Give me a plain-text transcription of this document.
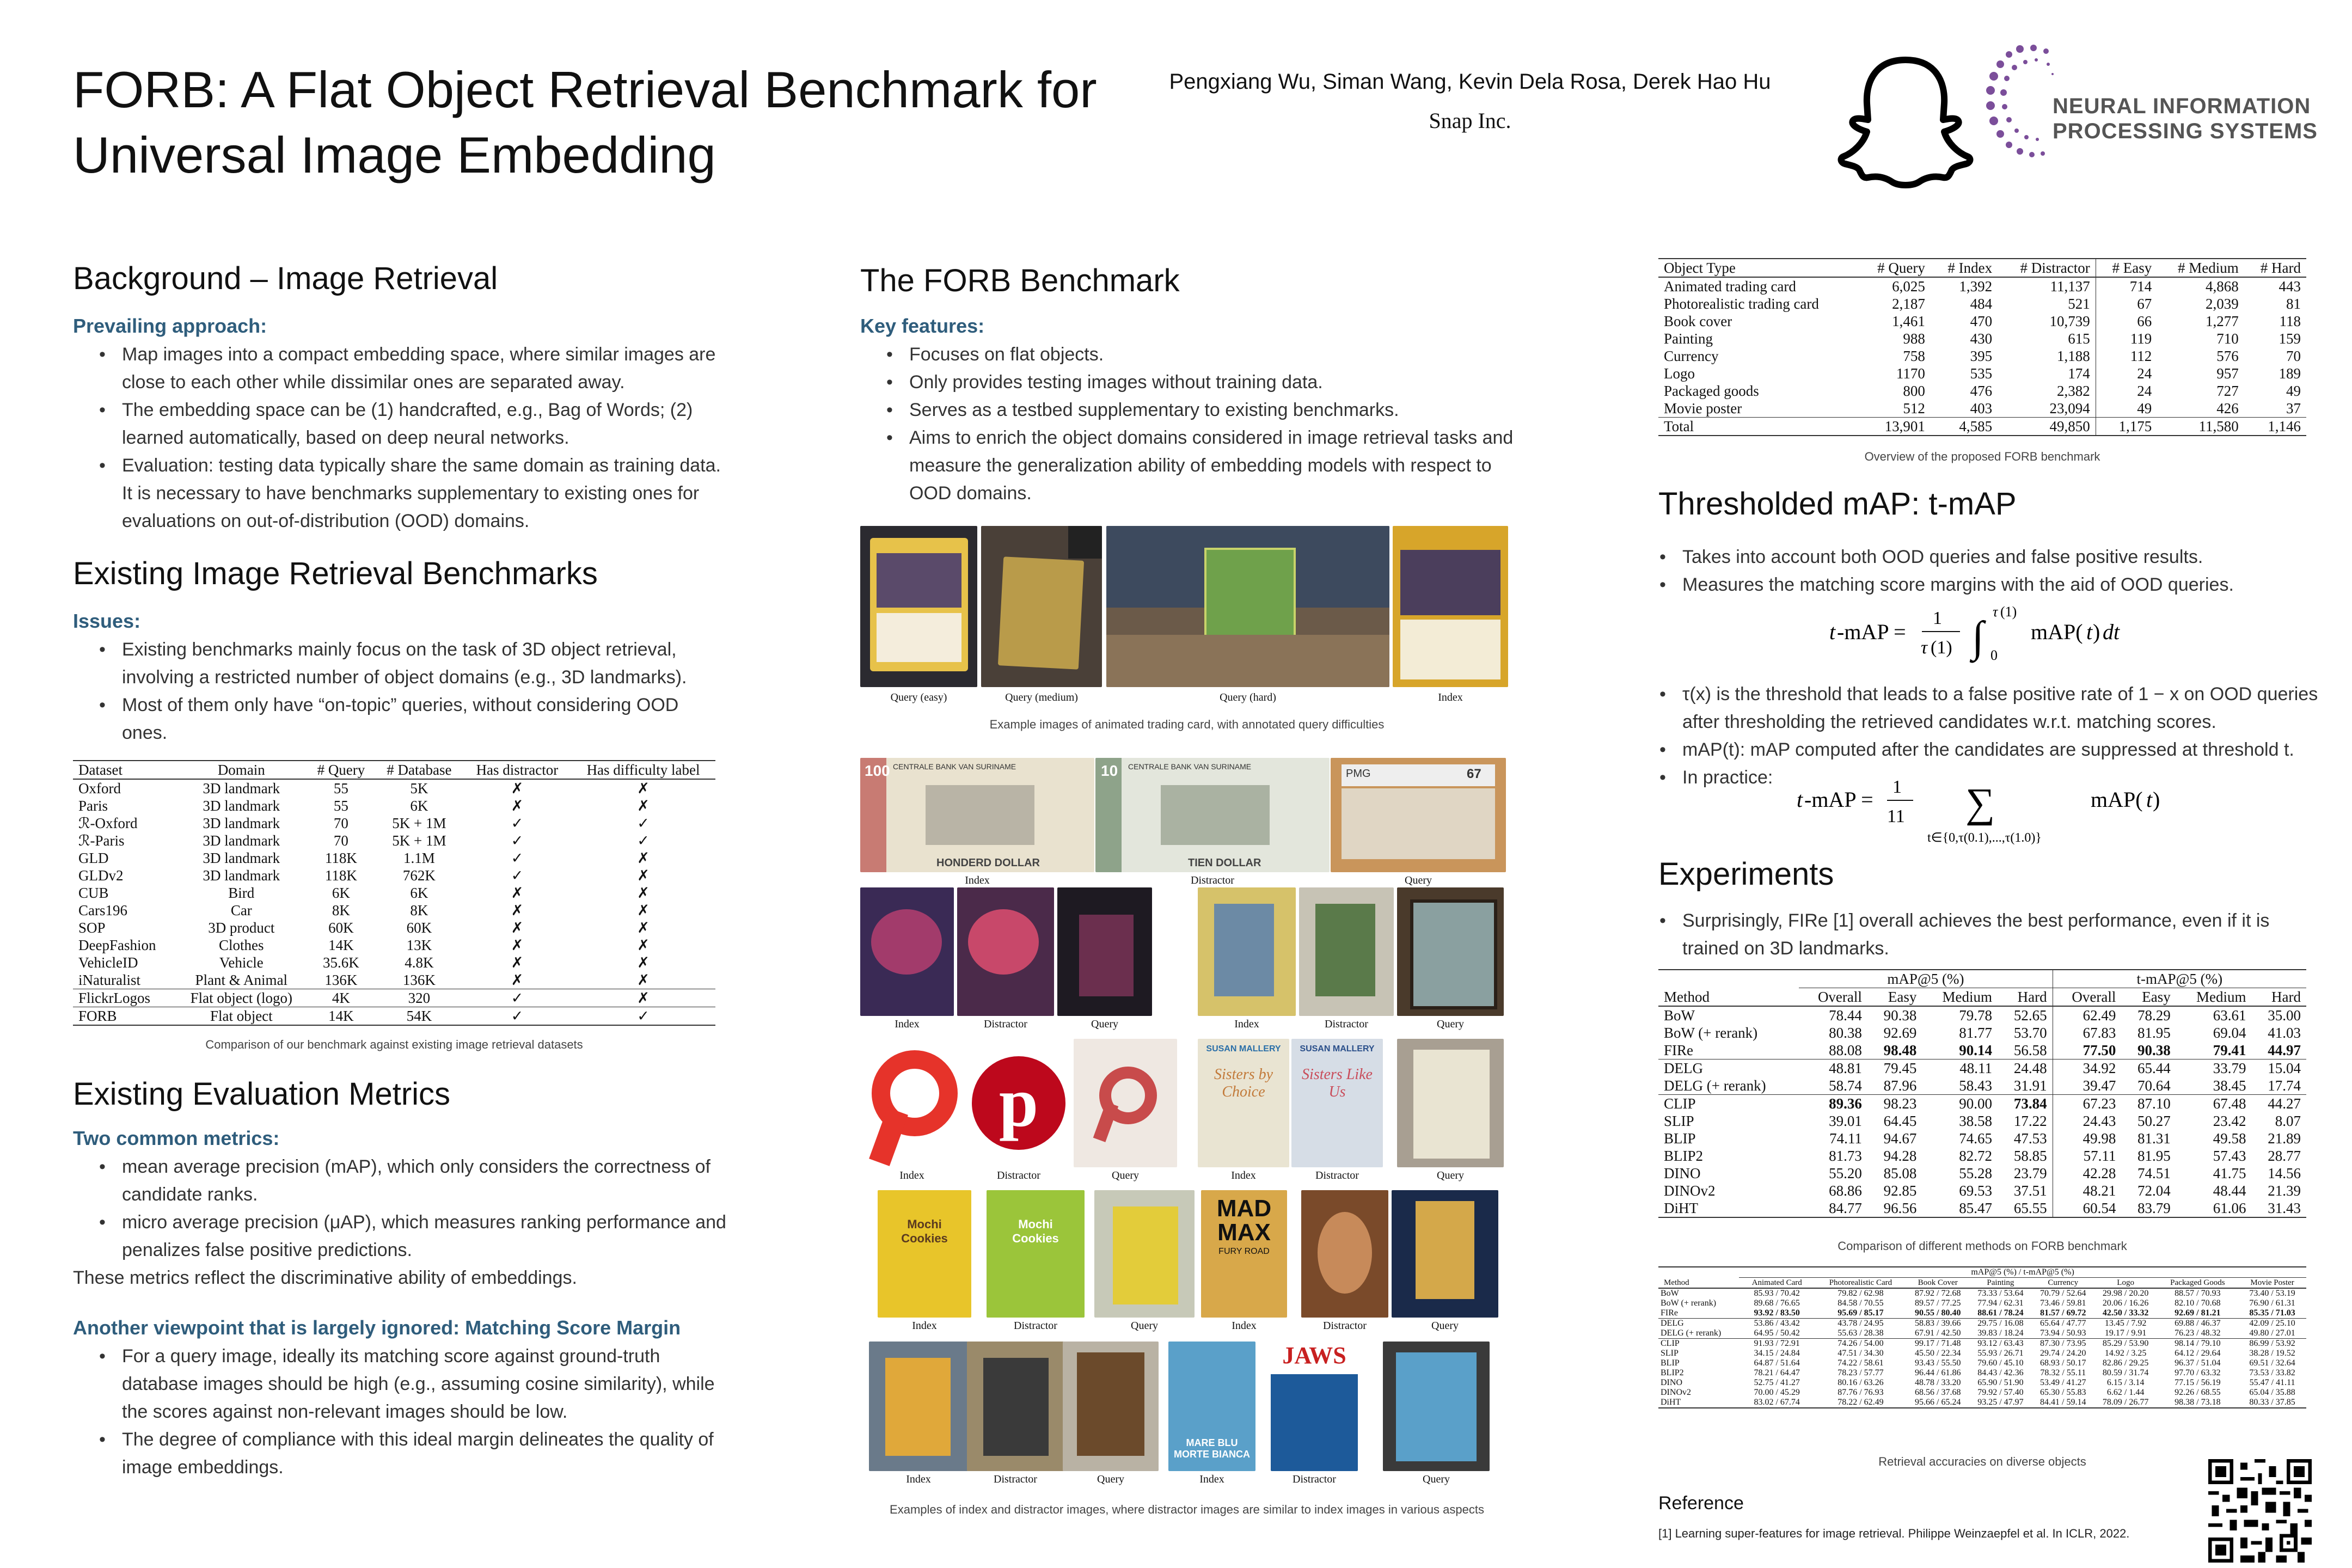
FORB: A Flat Object Retrieval Benchmark for Universal Image Embedding
Pengxiang Wu, Siman Wang, Kevin Dela Rosa, Derek Hao Hu
Snap Inc.
NEURAL INFORMATION PROCESSING SYSTEMS
Background – Image Retrieval
Prevailing approach:
• Map images into a compact embedding space, where similar images are close to each other while dissimilar ones are separated away.
• The embedding space can be (1) handcrafted, e.g., Bag of Words; (2) learned automatically, based on deep neural networks.
• Evaluation: testing data typically share the same domain as training data. It is necessary to have benchmarks supplementary to existing ones for evaluations on out-of-distribution (OOD) domains.
Existing Image Retrieval Benchmarks
Issues:
• Existing benchmarks mainly focus on the task of 3D object retrieval, involving a restricted number of object domains (e.g., 3D landmarks).
• Most of them only have “on-topic” queries, without considering OOD ones.
Dataset	Domain	# Query	# Database	Has distractor	Has difficulty label
Oxford	3D landmark	55	5K	✗	✗
Paris	3D landmark	55	6K	✗	✗
ℛ-Oxford	3D landmark	70	5K + 1M	✓	✓
ℛ-Paris	3D landmark	70	5K + 1M	✓	✓
GLD	3D landmark	118K	1.1M	✓	✗
GLDv2	3D landmark	118K	762K	✓	✗
CUB	Bird	6K	6K	✗	✗
Cars196	Car	8K	8K	✗	✗
SOP	3D product	60K	60K	✗	✗
DeepFashion	Clothes	14K	13K	✗	✗
VehicleID	Vehicle	35.6K	4.8K	✗	✗
iNaturalist	Plant & Animal	136K	136K	✗	✗
FlickrLogos	Flat object (logo)	4K	320	✓	✗
FORB	Flat object	14K	54K	✓	✓
Comparison of our benchmark against existing image retrieval datasets
Existing Evaluation Metrics
Two common metrics:
• mean average precision (mAP), which only considers the correctness of candidate ranks.
• micro average precision (μAP), which measures ranking performance and penalizes false positive predictions.
These metrics reflect the discriminative ability of embeddings.
Another viewpoint that is largely ignored: Matching Score Margin
• For a query image, ideally its matching score against ground-truth database images should be high (e.g., assuming cosine similarity), while the scores against non-relevant images should be low.
• The degree of compliance with this ideal margin delineates the quality of image embeddings.
The FORB Benchmark
Key features:
• Focuses on flat objects.
• Only provides testing images without training data.
• Serves as a testbed supplementary to existing benchmarks.
• Aims to enrich the object domains considered in image retrieval tasks and measure the generalization ability of embedding models with respect to OOD domains.
Query (easy)	Query (medium)	Query (hard)	Index
Example images of animated trading card, with annotated query difficulties
CENTRALE BANK VAN SURINAME
100
HONDERD DOLLAR
CENTRALE BANK VAN SURINAME
10
TIEN DOLLAR
PMG	67
Index	Distractor	Query
Index	Distractor	Query	Index	Distractor	Query
p
SUSAN MALLERY
Sisters by Choice
SUSAN MALLERY
Sisters Like Us
Index	Distractor	Query	Index	Distractor	Query
Mochi Cookies
Mochi Cookies
MAD MAX
FURY ROAD
Index	Distractor	Query	Index	Distractor	Query
MARE BLU MORTE BIANCA
JAWS
Index	Distractor	Query	Index	Distractor	Query
Examples of index and distractor images, where distractor images are similar to index images in various aspects
Object Type	# Query	# Index	# Distractor	# Easy	# Medium	# Hard
Animated trading card	6,025	1,392	11,137	714	4,868	443
Photorealistic trading card	2,187	484	521	67	2,039	81
Book cover	1,461	470	10,739	66	1,277	118
Painting	988	430	615	119	710	159
Currency	758	395	1,188	112	576	70
Logo	1170	535	174	24	957	189
Packaged goods	800	476	2,382	24	727	49
Movie poster	512	403	23,094	49	426	37
Total	13,901	4,585	49,850	1,175	11,580	1,146
Overview of the proposed FORB benchmark
Thresholded mAP: t-mAP
• Takes into account both OOD queries and false positive results.
• Measures the matching score margins with the aid of OOD queries.
t -mAP =
1
τ (1) ∫
τ (1)
0
mAP( t ) dt
• τ(x) is the threshold that leads to a false positive rate of 1 − x on OOD queries after thresholding the retrieved candidates w.r.t. matching scores.
• mAP(t): mAP computed after the candidates are suppressed at threshold t.
• In practice:
t -mAP =
1
11 ∑
t∈{0,τ(0.1),...,τ(1.0)}
mAP( t )
Experiments
• Surprisingly, FIRe [1] overall achieves the best performance, even if it is trained on 3D landmarks.
	mAP@5 (%)				t-mAP@5 (%)			
Method	Overall	Easy	Medium	Hard	Overall	Easy	Medium	Hard
BoW	78.44	90.38	79.78	52.65	62.49	78.29	63.61	35.00
BoW (+ rerank)	80.38	92.69	81.77	53.70	67.83	81.95	69.04	41.03
FIRe	88.08	98.48	90.14	56.58	77.50	90.38	79.41	44.97
DELG	48.81	79.45	48.11	24.48	34.92	65.44	33.79	15.04
DELG (+ rerank)	58.74	87.96	58.43	31.91	39.47	70.64	38.45	17.74
CLIP	89.36	98.23	90.00	73.84	67.23	87.10	67.48	44.27
SLIP	39.01	64.45	38.58	17.22	24.43	50.27	23.42	8.07
BLIP	74.11	94.67	74.65	47.53	49.98	81.31	49.58	21.89
BLIP2	81.73	94.28	82.72	58.85	57.11	81.95	57.43	28.77
DINO	55.20	85.08	55.28	23.79	42.28	74.51	41.75	14.56
DINOv2	68.86	92.85	69.53	37.51	48.21	72.04	48.44	21.39
DiHT	84.77	96.56	85.47	65.55	60.54	83.79	61.06	31.43
Comparison of different methods on FORB benchmark
	mAP@5 (%) / t-mAP@5 (%)							
Method	Animated Card	Photorealistic Card	Book Cover	Painting	Currency	Logo	Packaged Goods	Movie Poster
BoW	85.93 / 70.42	79.82 / 62.98	87.92 / 72.68	73.33 / 53.64	70.79 / 52.64	29.98 / 20.20	88.57 / 70.93	73.40 / 53.19
BoW (+ rerank)	89.68 / 76.65	84.58 / 70.55	89.57 / 77.25	77.94 / 62.31	73.46 / 59.81	20.06 / 16.26	82.10 / 70.68	76.90 / 61.31
FIRe	93.92 / 83.50	95.69 / 85.17	90.55 / 80.40	88.61 / 78.24	81.57 / 69.72	42.50 / 33.32	92.69 / 81.21	85.35 / 71.03
DELG	53.86 / 43.42	43.78 / 24.95	58.83 / 39.66	29.75 / 16.08	65.64 / 47.77	13.45 / 7.92	69.88 / 46.37	42.09 / 25.10
DELG (+ rerank)	64.95 / 50.42	55.63 / 28.38	67.91 / 42.50	39.83 / 18.24	73.94 / 50.93	19.17 / 9.91	76.23 / 48.32	49.80 / 27.01
CLIP	91.93 / 72.91	74.26 / 54.00	99.17 / 71.48	93.12 / 63.43	87.30 / 73.95	85.29 / 53.90	98.14 / 79.10	86.99 / 53.92
SLIP	34.15 / 24.84	47.51 / 34.30	45.50 / 22.34	55.93 / 26.71	29.74 / 24.20	14.92 / 3.25	64.12 / 29.64	38.28 / 19.52
BLIP	64.87 / 51.64	74.22 / 58.61	93.43 / 55.50	79.60 / 45.10	68.93 / 50.17	82.86 / 29.25	96.37 / 51.04	69.51 / 32.64
BLIP2	78.21 / 64.47	78.23 / 57.77	96.44 / 61.86	84.43 / 42.36	78.32 / 55.11	80.59 / 31.74	97.70 / 63.32	73.53 / 33.82
DINO	52.75 / 41.27	80.16 / 63.26	48.78 / 33.20	65.90 / 51.90	53.49 / 41.27	6.15 / 3.14	77.15 / 56.19	55.47 / 41.11
DINOv2	70.00 / 45.29	87.76 / 76.93	68.56 / 37.68	79.92 / 57.40	65.30 / 55.83	6.62 / 1.44	92.26 / 68.55	65.04 / 35.88
DiHT	83.02 / 67.74	78.22 / 62.49	95.66 / 65.24	93.25 / 47.97	84.41 / 59.14	78.09 / 26.77	98.38 / 73.18	80.33 / 37.85
Retrieval accuracies on diverse objects
Reference
[1] Learning super-features for image retrieval. Philippe Weinzaepfel et al. In ICLR, 2022.
